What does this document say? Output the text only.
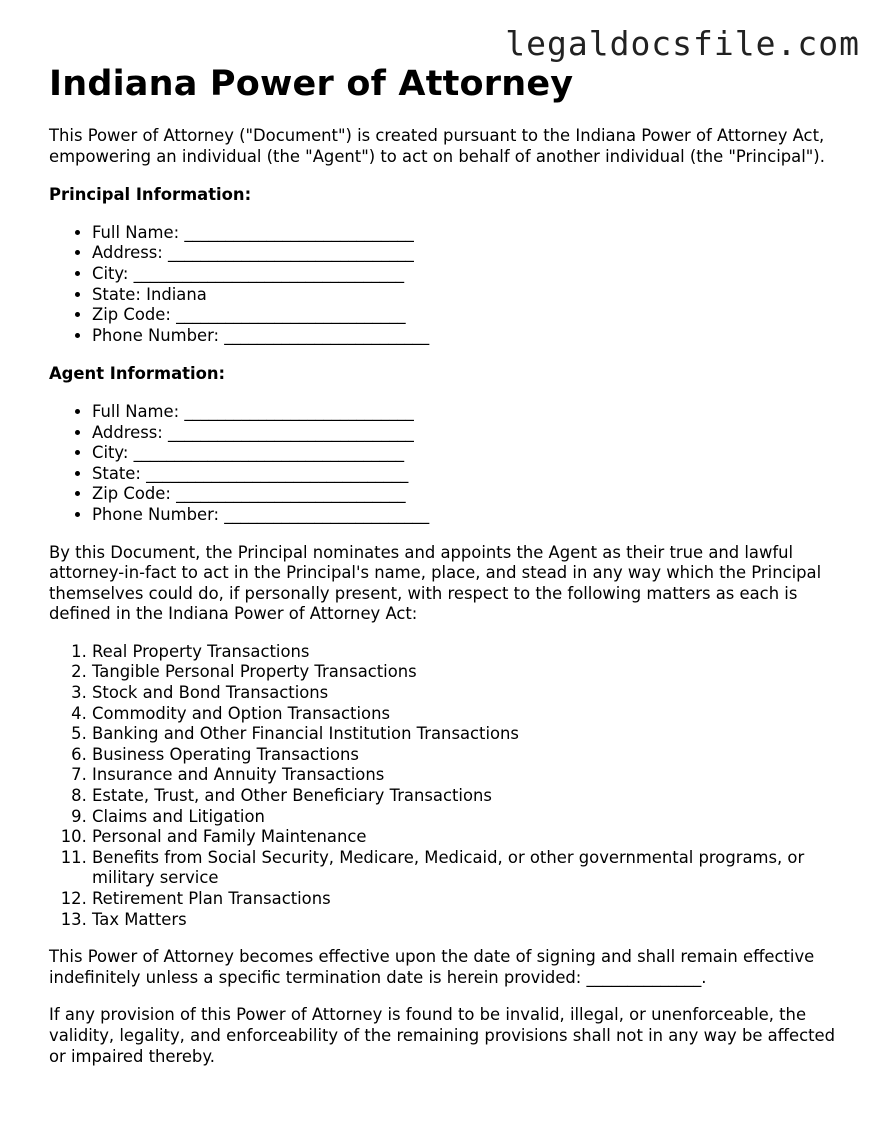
legaldocsfile.com
Indiana Power of Attorney

This Power of Attorney ("Document") is created pursuant to the Indiana Power of Attorney Act, empowering an individual (the "Agent") to act on behalf of another individual (the "Principal").

Principal Information:
• Full Name: ____________________________
• Address: ______________________________
• City: _________________________________
• State: Indiana
• Zip Code: ____________________________
• Phone Number: _________________________
Agent Information:
• Full Name: ____________________________
• Address: ______________________________
• City: _________________________________
• State: ________________________________
• Zip Code: ____________________________
• Phone Number: _________________________

By this Document, the Principal nominates and appoints the Agent as their true and lawful attorney-in-fact to act in the Principal's name, place, and stead in any way which the Principal themselves could do, if personally present, with respect to the following matters as each is defined in the Indiana Power of Attorney Act:

1. Real Property Transactions
2. Tangible Personal Property Transactions
3. Stock and Bond Transactions
4. Commodity and Option Transactions
5. Banking and Other Financial Institution Transactions
6. Business Operating Transactions
7. Insurance and Annuity Transactions
8. Estate, Trust, and Other Beneficiary Transactions
9. Claims and Litigation
10. Personal and Family Maintenance
11. Benefits from Social Security, Medicare, Medicaid, or other governmental programs, or military service
12. Retirement Plan Transactions
13. Tax Matters

This Power of Attorney becomes effective upon the date of signing and shall remain effective indefinitely unless a specific termination date is herein provided: ______________.

If any provision of this Power of Attorney is found to be invalid, illegal, or unenforceable, the validity, legality, and enforceability of the remaining provisions shall not in any way be affected or impaired thereby.
